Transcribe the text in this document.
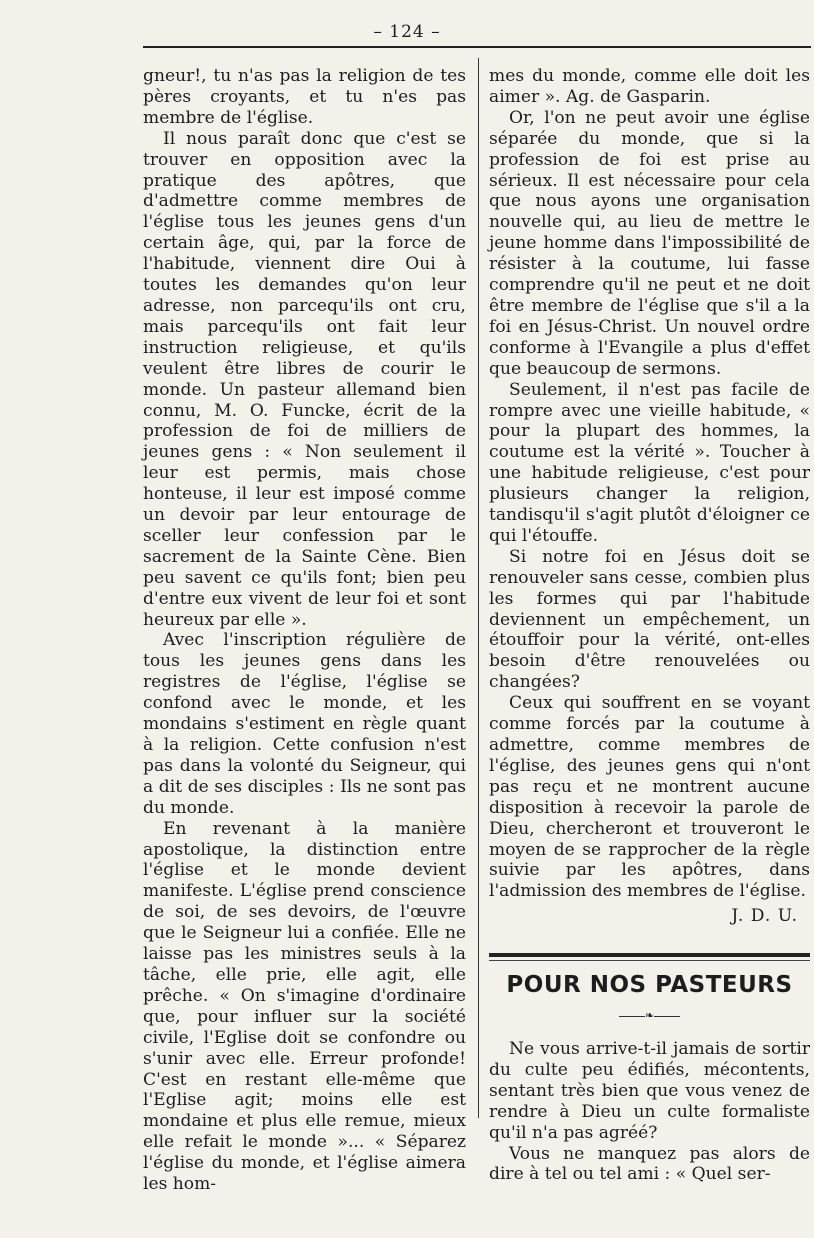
– 124 –

gneur!, tu n'as pas la religion de tes pères croyants, et tu n'es pas membre de l'église.

Il nous paraît donc que c'est se trouver en opposition avec la pratique des apôtres, que d'admettre comme membres de l'église tous les jeunes gens d'un certain âge, qui, par la force de l'habitude, viennent dire Oui à toutes les demandes qu'on leur adresse, non parcequ'ils ont cru, mais parcequ'ils ont fait leur instruction religieuse, et qu'ils veulent être libres de courir le monde. Un pasteur allemand bien connu, M. O. Funcke, écrit de la profession de foi de milliers de jeunes gens : « Non seulement il leur est permis, mais chose honteuse, il leur est imposé comme un devoir par leur entourage de sceller leur confession par le sacrement de la Sainte Cène. Bien peu savent ce qu'ils font; bien peu d'entre eux vivent de leur foi et sont heureux par elle ».

Avec l'inscription régulière de tous les jeunes gens dans les registres de l'église, l'église se confond avec le monde, et les mondains s'estiment en règle quant à la religion. Cette confusion n'est pas dans la volonté du Seigneur, qui a dit de ses disciples : Ils ne sont pas du monde.

En revenant à la manière apostolique, la distinction entre l'église et le monde devient manifeste. L'église prend conscience de soi, de ses devoirs, de l'œuvre que le Seigneur lui a confiée. Elle ne laisse pas les ministres seuls à la tâche, elle prie, elle agit, elle prêche. « On s'imagine d'ordinaire que, pour influer sur la société civile, l'Eglise doit se confondre ou s'unir avec elle. Erreur profonde! C'est en restant elle-même que l'Eglise agit; moins elle est mondaine et plus elle remue, mieux elle refait le monde »... « Séparez l'église du monde, et l'église aimera les hom-

mes du monde, comme elle doit les aimer ». Ag. de Gasparin.

Or, l'on ne peut avoir une église séparée du monde, que si la profession de foi est prise au sérieux. Il est nécessaire pour cela que nous ayons une organisation nouvelle qui, au lieu de mettre le jeune homme dans l'impossibilité de résister à la coutume, lui fasse comprendre qu'il ne peut et ne doit être membre de l'église que s'il a la foi en Jésus-Christ. Un nouvel ordre conforme à l'Evangile a plus d'effet que beaucoup de sermons.

Seulement, il n'est pas facile de rompre avec une vieille habitude, « pour la plupart des hommes, la coutume est la vérité ». Toucher à une habitude religieuse, c'est pour plusieurs changer la religion, tandisqu'il s'agit plutôt d'éloigner ce qui l'étouffe.

Si notre foi en Jésus doit se renouveler sans cesse, combien plus les formes qui par l'habitude deviennent un empêchement, un étouffoir pour la vérité, ont-elles besoin d'être renouvelées ou changées?

Ceux qui souffrent en se voyant comme forcés par la coutume à admettre, comme membres de l'église, des jeunes gens qui n'ont pas reçu et ne montrent aucune disposition à recevoir la parole de Dieu, chercheront et trouveront le moyen de se rapprocher de la règle suivie par les apôtres, dans l'admission des membres de l'église.

J. D. U.
POUR NOS PASTEURS
❧

Ne vous arrive-t-il jamais de sortir du culte peu édifiés, mécontents, sentant très bien que vous venez de rendre à Dieu un culte formaliste qu'il n'a pas agréé?

Vous ne manquez pas alors de dire à tel ou tel ami : « Quel ser-
